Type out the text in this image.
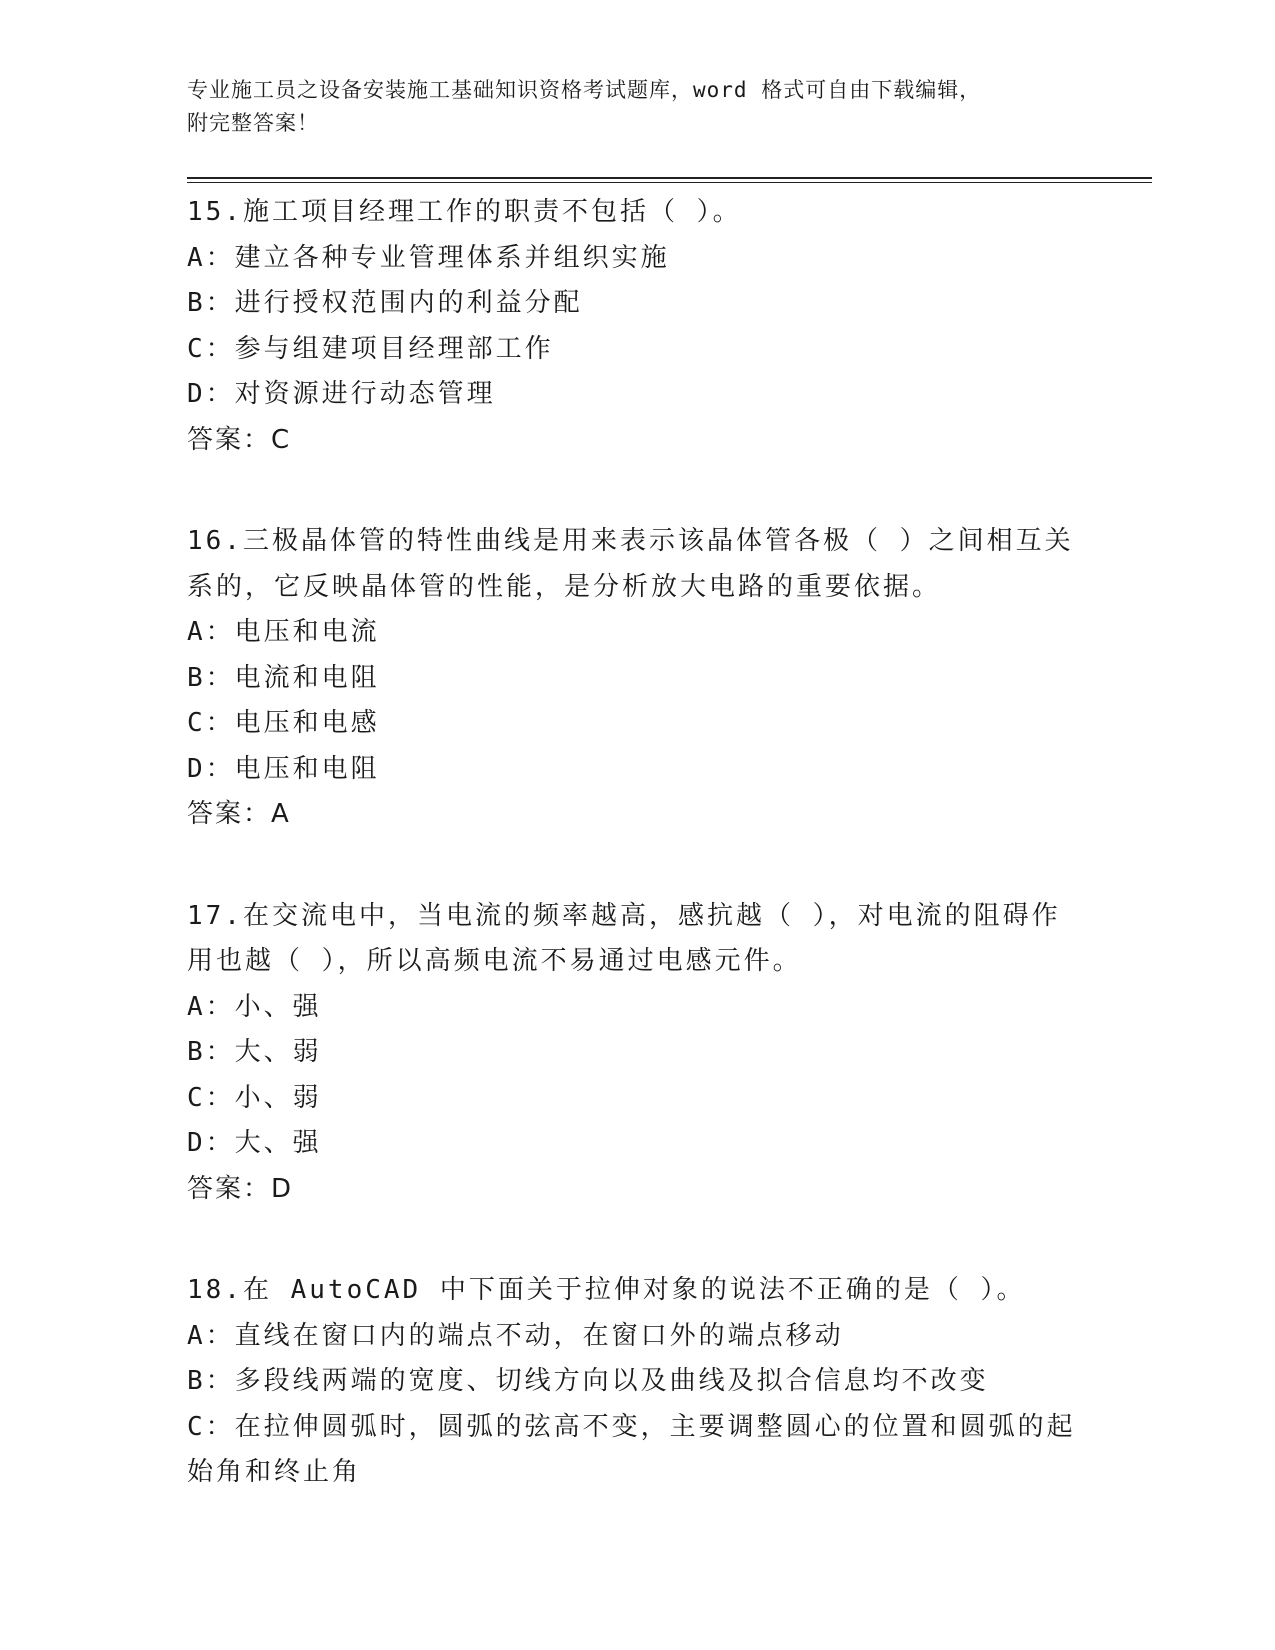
专业施工员之设备安装施工基础知识资格考试题库，word 格式可自由下载编辑，
附完整答案！
15.施工项目经理工作的职责不包括（ ）。
A：建立各种专业管理体系并组织实施
B：进行授权范围内的利益分配
C：参与组建项目经理部工作
D：对资源进行动态管理
答案：C
16.三极晶体管的特性曲线是用来表示该晶体管各极（ ）之间相互关
系的，它反映晶体管的性能，是分析放大电路的重要依据。
A：电压和电流
B：电流和电阻
C：电压和电感
D：电压和电阻
答案：A
17.在交流电中，当电流的频率越高，感抗越（ ），对电流的阻碍作
用也越（ ），所以高频电流不易通过电感元件。
A：小、强
B：大、弱
C：小、弱
D：大、强
答案：D
18.在 AutoCAD 中下面关于拉伸对象的说法不正确的是（ ）。
A：直线在窗口内的端点不动，在窗口外的端点移动
B：多段线两端的宽度、切线方向以及曲线及拟合信息均不改变
C：在拉伸圆弧时，圆弧的弦高不变，主要调整圆心的位置和圆弧的起
始角和终止角
